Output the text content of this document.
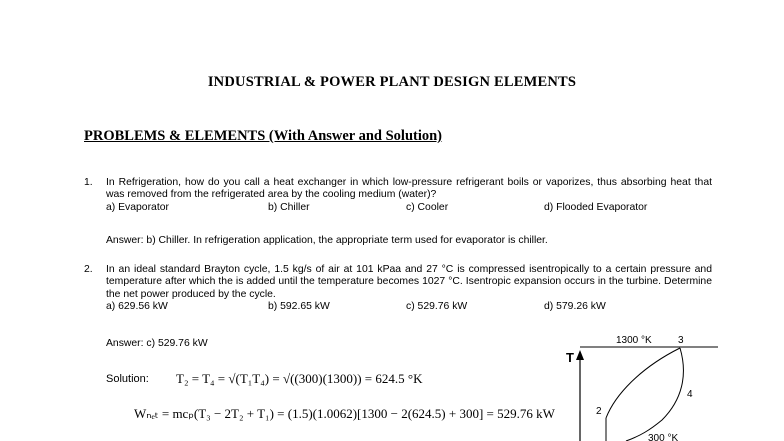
INDUSTRIAL & POWER PLANT DESIGN ELEMENTS
PROBLEMS & ELEMENTS (With Answer and Solution)
1. In Refrigeration, how do you call a heat exchanger in which low-pressure refrigerant boils or vaporizes, thus absorbing heat that was removed from the refrigerated area by the cooling medium (water)?
a) Evaporator	b) Chiller	c) Cooler	d) Flooded Evaporator
Answer: b) Chiller. In refrigeration application, the appropriate term used for evaporator is chiller.
2. In an ideal standard Brayton cycle, 1.5 kg/s of air at 101 kPaa and 27 °C is compressed isentropically to a certain pressure and temperature after which the is added until the temperature becomes 1027 °C. Isentropic expansion occurs in the turbine. Determine the net power produced by the cycle.
a) 629.56 kW	b) 592.65 kW	c) 529.76 kW	d) 579.26 kW
Answer: c) 529.76 kW
Solution: T₂ = T₄ = √(T₁T₄) = √((300)(1300)) = 624.5 °K
Wₙₑₜ = mcₚ(T₃ − 2T₂ + T₁) = (1.5)(1.0062)[1300 − 2(624.5) + 300] = 529.76 kW
T
1300 °K	3
4
2
300 °K
